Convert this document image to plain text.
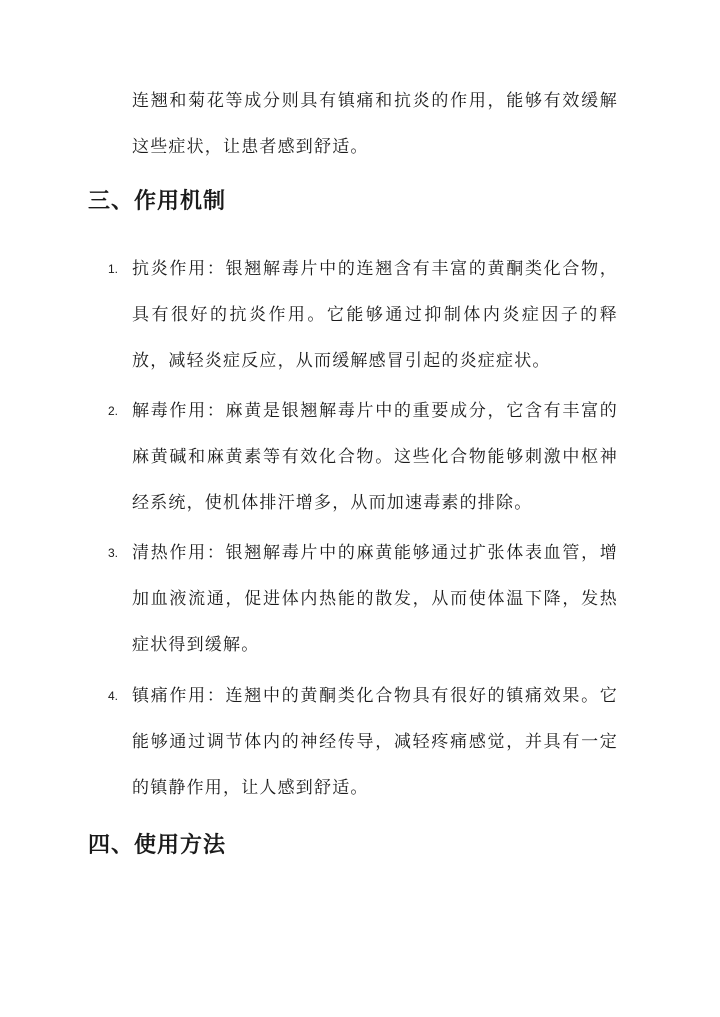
连翘和菊花等成分则具有镇痛和抗炎的作用，能够有效缓解这些症状，让患者感到舒适。

三、作用机制
1. 抗炎作用：银翘解毒片中的连翘含有丰富的黄酮类化合物，具有很好的抗炎作用。它能够通过抑制体内炎症因子的释放，减轻炎症反应，从而缓解感冒引起的炎症症状。
2. 解毒作用：麻黄是银翘解毒片中的重要成分，它含有丰富的麻黄碱和麻黄素等有效化合物。这些化合物能够刺激中枢神经系统，使机体排汗增多，从而加速毒素的排除。
3. 清热作用：银翘解毒片中的麻黄能够通过扩张体表血管，增加血液流通，促进体内热能的散发，从而使体温下降，发热症状得到缓解。
4. 镇痛作用：连翘中的黄酮类化合物具有很好的镇痛效果。它能够通过调节体内的神经传导，减轻疼痛感觉，并具有一定的镇静作用，让人感到舒适。
四、使用方法
